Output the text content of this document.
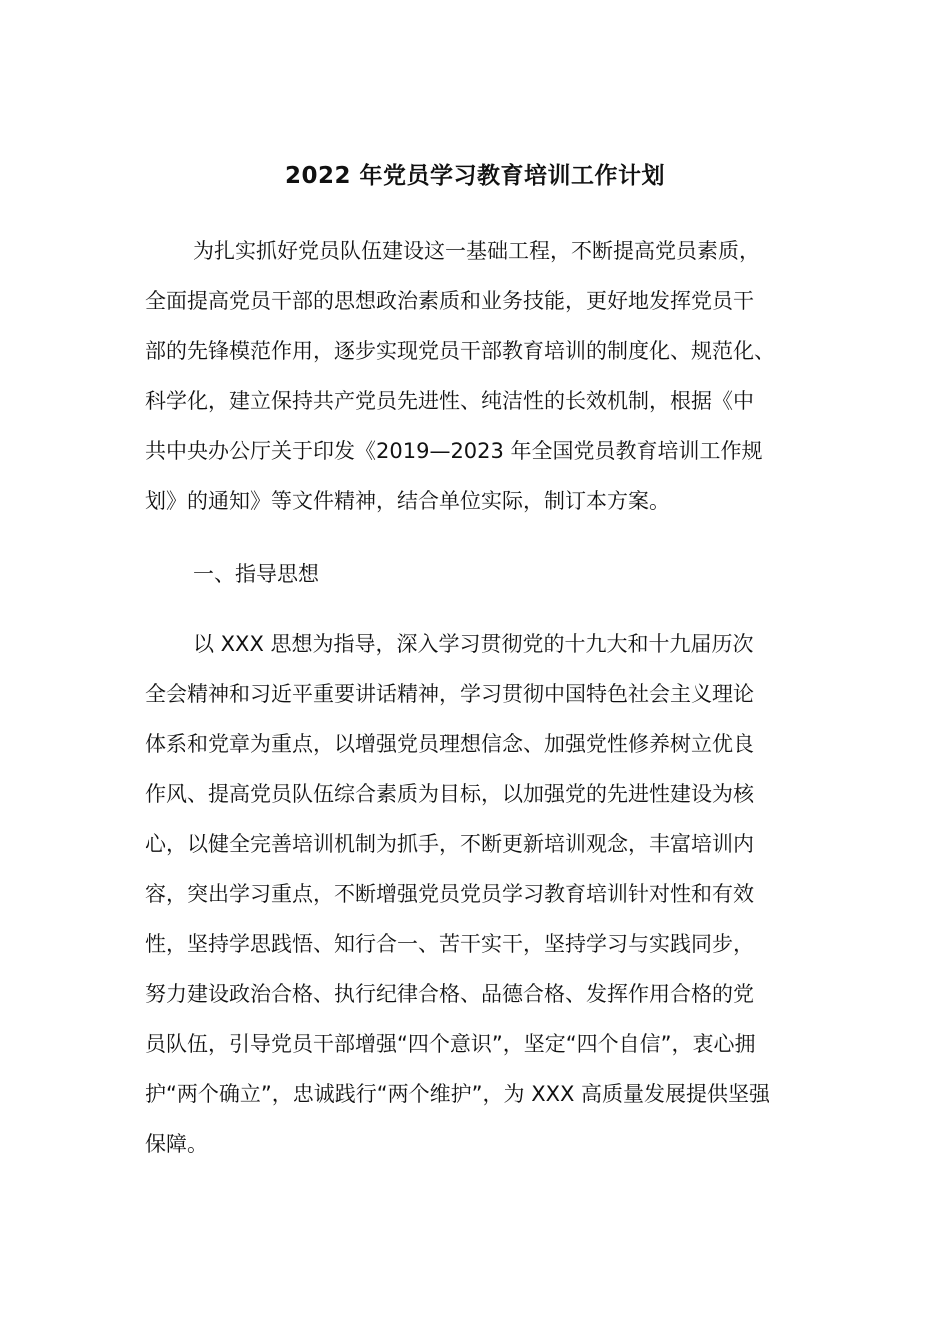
2022 年党员学习教育培训工作计划
为扎实抓好党员队伍建设这一基础工程，不断提高党员素质，
全面提高党员干部的思想政治素质和业务技能，更好地发挥党员干
部的先锋模范作用，逐步实现党员干部教育培训的制度化、规范化、
科学化，建立保持共产党员先进性、纯洁性的长效机制，根据《中
共中央办公厅关于印发《2019—2023 年全国党员教育培训工作规
划》的通知》等文件精神，结合单位实际，制订本方案。
一、指导思想
以 XXX 思想为指导，深入学习贯彻党的十九大和十九届历次
全会精神和习近平重要讲话精神，学习贯彻中国特色社会主义理论
体系和党章为重点，以增强党员理想信念、加强党性修养树立优良
作风、提高党员队伍综合素质为目标，以加强党的先进性建设为核
心，以健全完善培训机制为抓手，不断更新培训观念，丰富培训内
容，突出学习重点，不断增强党员党员学习教育培训针对性和有效
性，坚持学思践悟、知行合一、苦干实干，坚持学习与实践同步，
努力建设政治合格、执行纪律合格、品德合格、发挥作用合格的党
员队伍，引导党员干部增强“四个意识”，坚定“四个自信”，衷心拥
护“两个确立”，忠诚践行“两个维护”，为 XXX 高质量发展提供坚强
保障。
